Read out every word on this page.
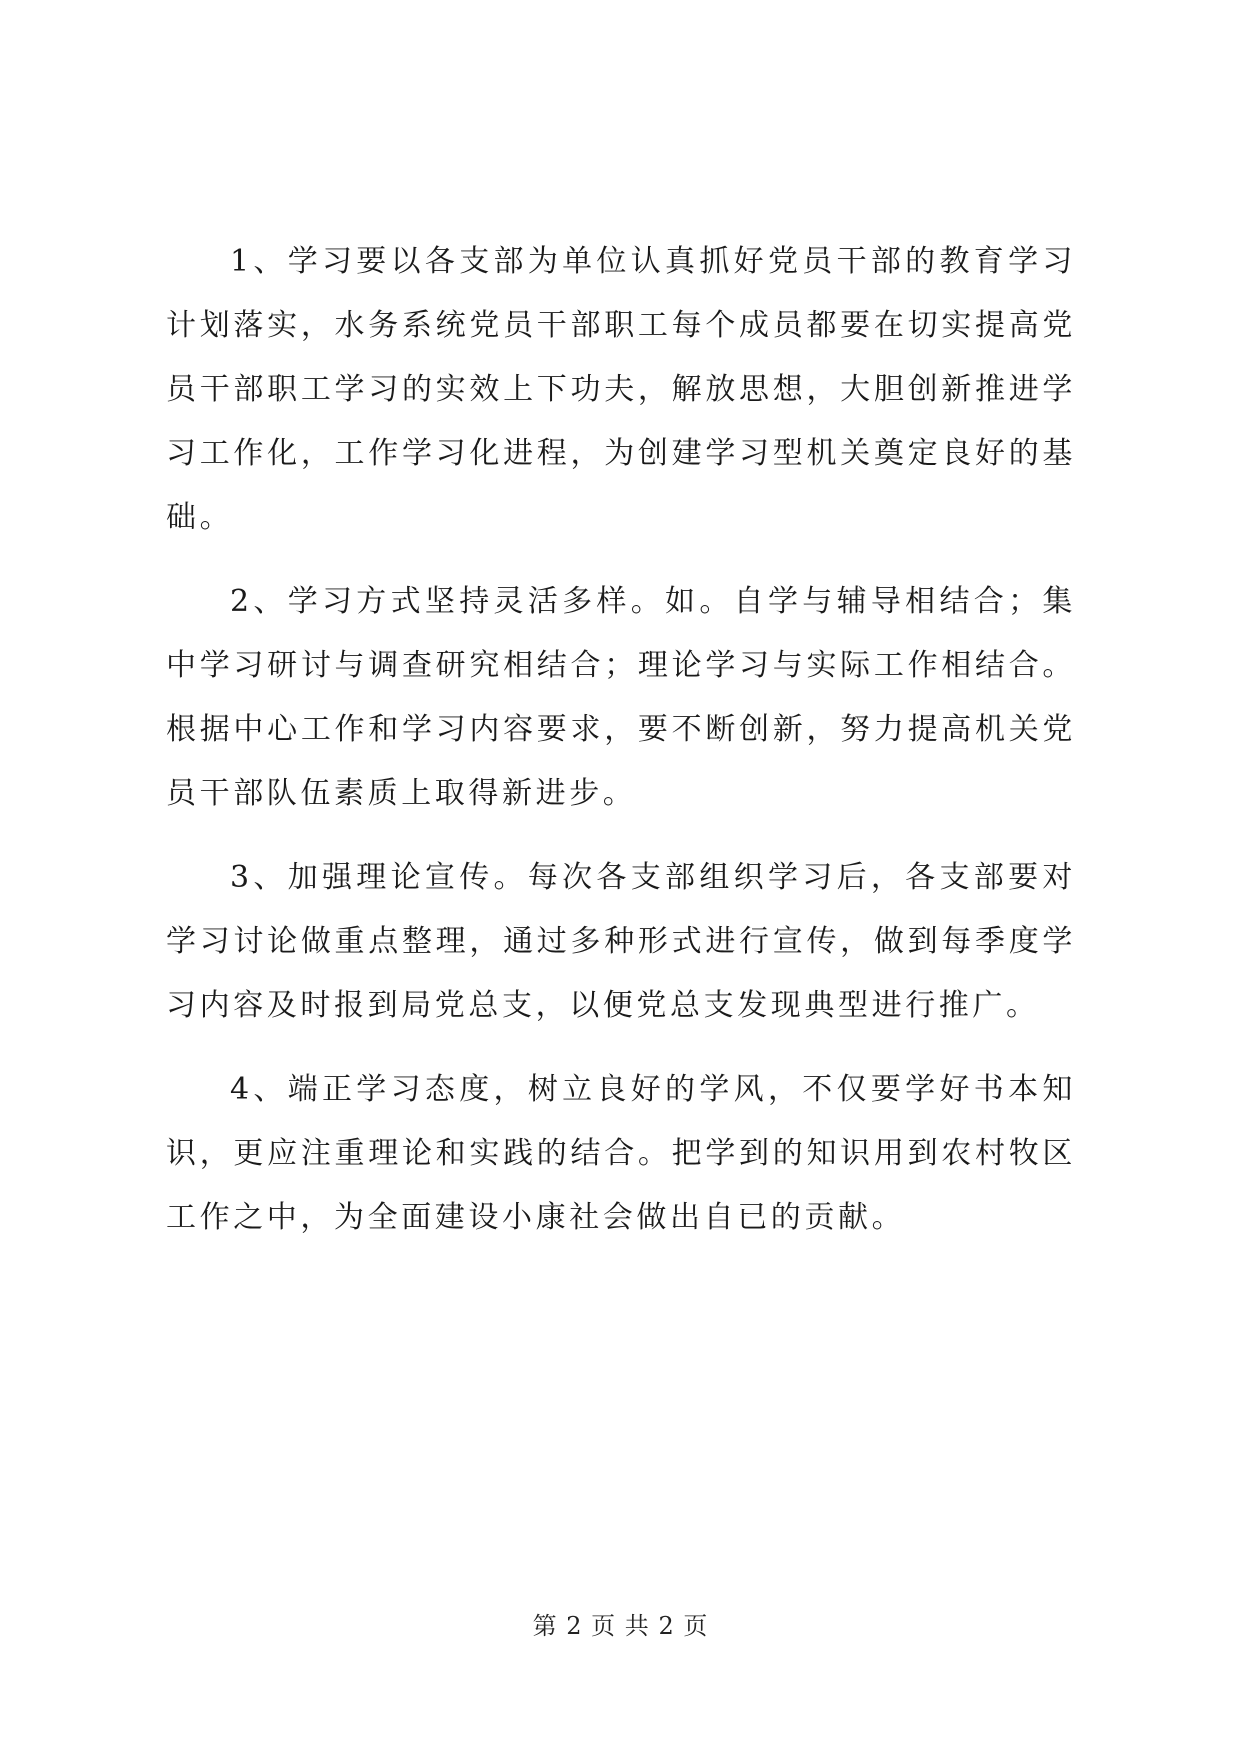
1、学习要以各支部为单位认真抓好党员干部的教育学习计划落实，水务系统党员干部职工每个成员都要在切实提高党员干部职工学习的实效上下功夫，解放思想，大胆创新推进学习工作化，工作学习化进程，为创建学习型机关奠定良好的基础。

2、学习方式坚持灵活多样。如。自学与辅导相结合；集中学习研讨与调查研究相结合；理论学习与实际工作相结合。根据中心工作和学习内容要求，要不断创新，努力提高机关党员干部队伍素质上取得新进步。

3、加强理论宣传。每次各支部组织学习后，各支部要对学习讨论做重点整理，通过多种形式进行宣传，做到每季度学习内容及时报到局党总支，以便党总支发现典型进行推广。

4、端正学习态度，树立良好的学风，不仅要学好书本知识，更应注重理论和实践的结合。把学到的知识用到农村牧区工作之中，为全面建设小康社会做出自已的贡献。

第 2 页 共 2 页
